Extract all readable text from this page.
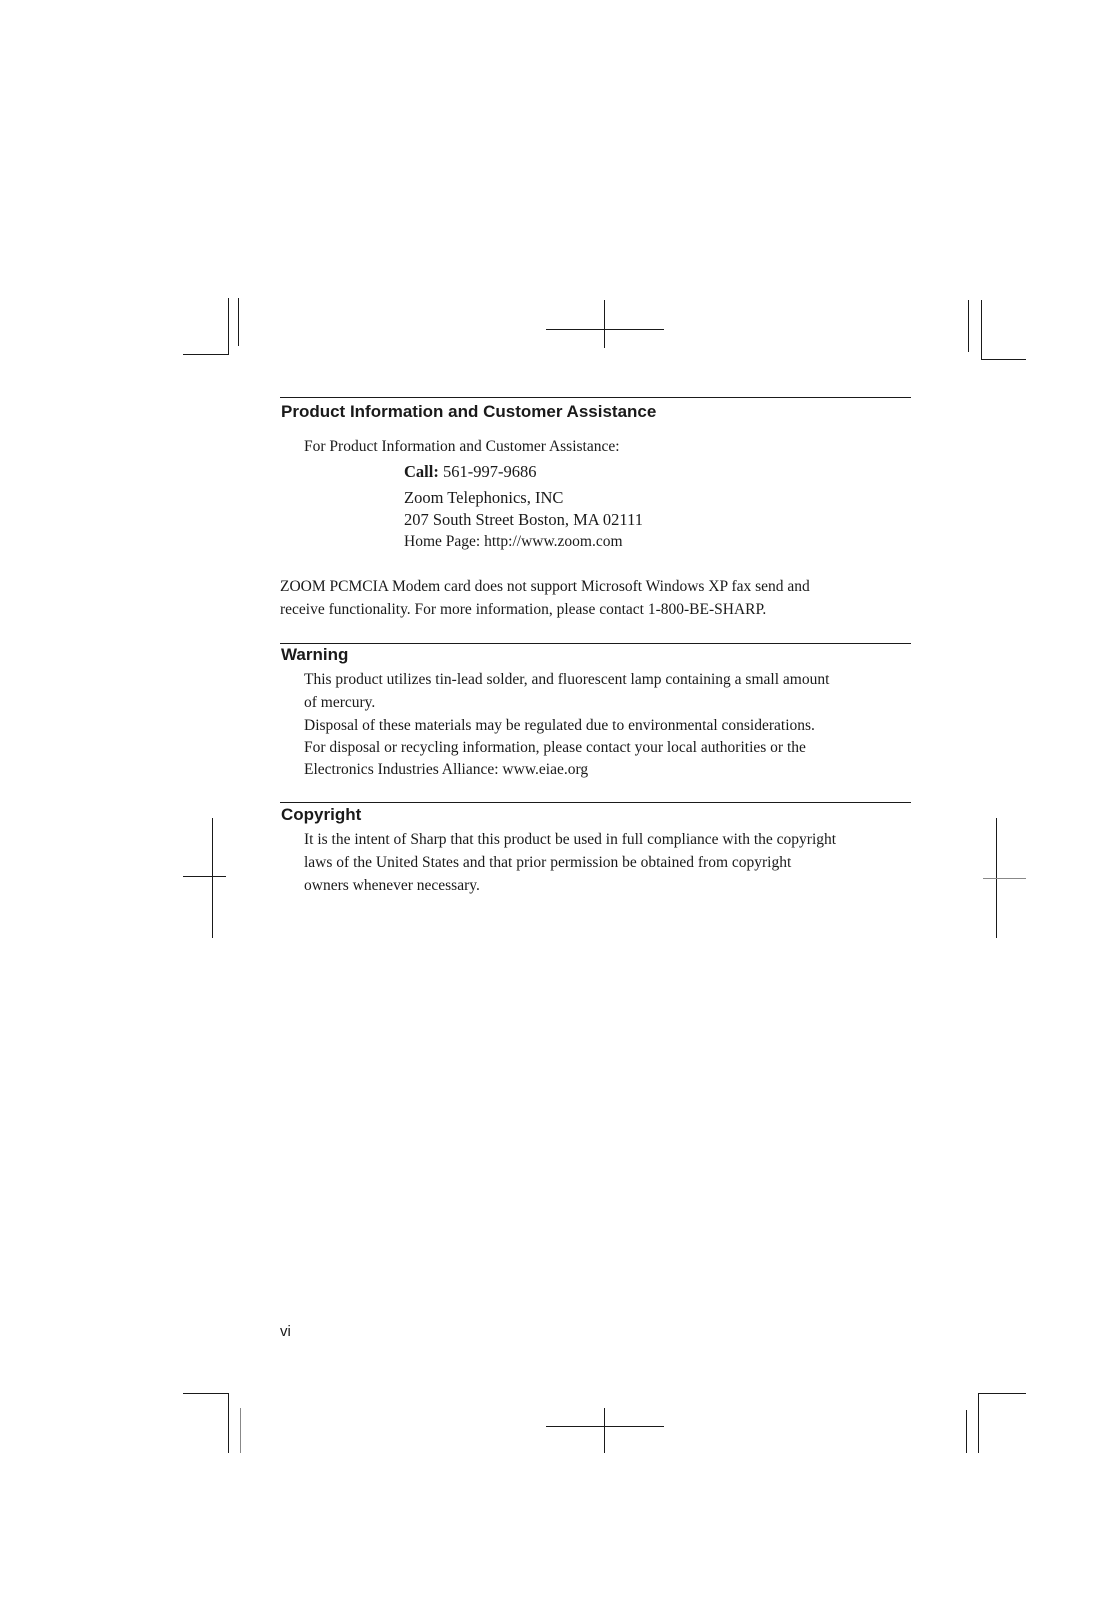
Product Information and Customer Assistance

For Product Information and Customer Assistance:

Call: 561-997-9686

Zoom Telephonics, INC

207 South Street Boston, MA 02111

Home Page: http://www.zoom.com

ZOOM PCMCIA Modem card does not support Microsoft Windows XP fax send and

receive functionality. For more information, please contact 1-800-BE-SHARP.

Warning

This product utilizes tin-lead solder, and fluorescent lamp containing a small amount

of mercury.

Disposal of these materials may be regulated due to environmental considerations.

For disposal or recycling information, please contact your local authorities or the

Electronics Industries Alliance: www.eiae.org

Copyright

It is the intent of Sharp that this product be used in full compliance with the copyright

laws of the United States and that prior permission be obtained from copyright

owners whenever necessary.

vi
